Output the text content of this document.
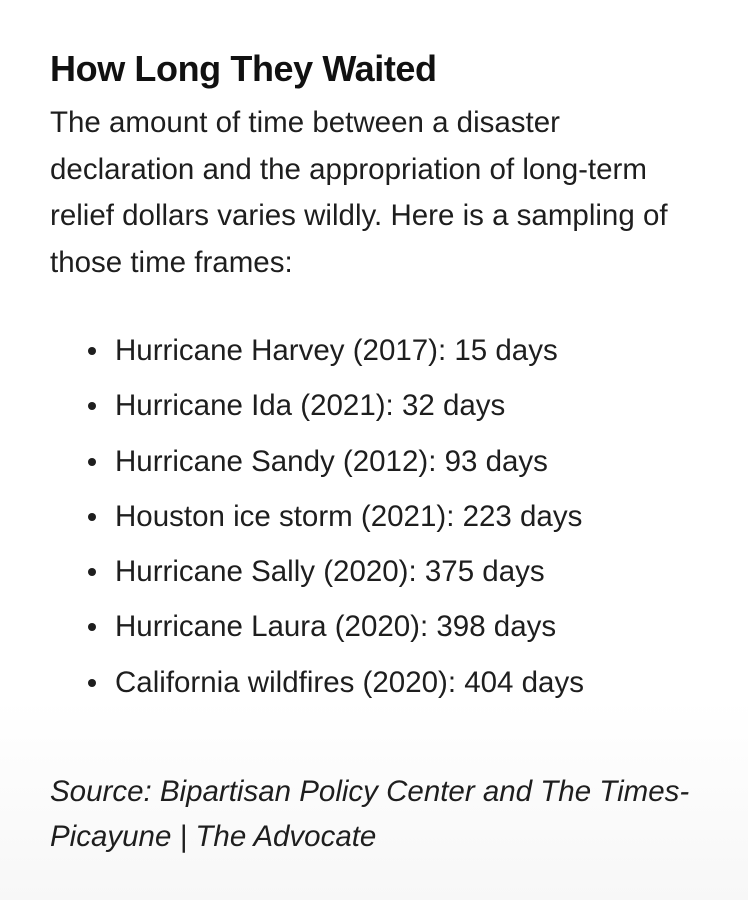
How Long They Waited

The amount of time between a disaster declaration and the appropriation of long-term relief dollars varies wildly. Here is a sampling of those time frames:

Hurricane Harvey (2017): 15 days
Hurricane Ida (2021): 32 days
Hurricane Sandy (2012): 93 days
Houston ice storm (2021): 223 days
Hurricane Sally (2020): 375 days
Hurricane Laura (2020): 398 days
California wildfires (2020): 404 days

Source: Bipartisan Policy Center and The Times-Picayune | The Advocate
